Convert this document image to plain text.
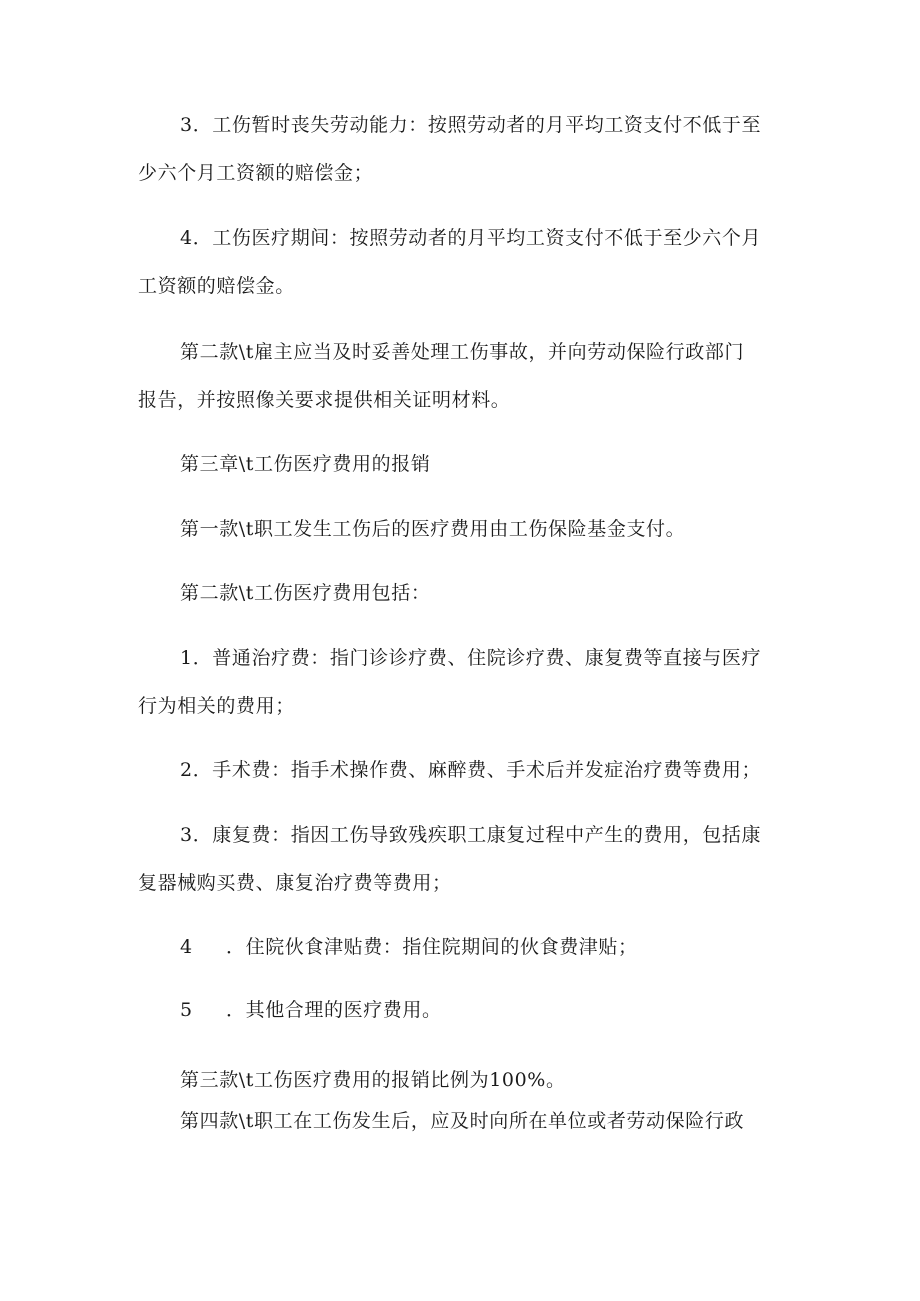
3．工伤暂时丧失劳动能力：按照劳动者的月平均工资支付不低于至

少六个月工资额的赔偿金；

4．工伤医疗期间：按照劳动者的月平均工资支付不低于至少六个月

工资额的赔偿金。

第二款\t雇主应当及时妥善处理工伤事故，并向劳动保险行政部门

报告，并按照像关要求提供相关证明材料。

第三章\t工伤医疗费用的报销

第一款\t职工发生工伤后的医疗费用由工伤保险基金支付。

第二款\t工伤医疗费用包括：

1．普通治疗费：指门诊诊疗费、住院诊疗费、康复费等直接与医疗

行为相关的费用；

2．手术费：指手术操作费、麻醉费、手术后并发症治疗费等费用；

3．康复费：指因工伤导致残疾职工康复过程中产生的费用，包括康

复器械购买费、康复治疗费等费用；

4 ．住院伙食津贴费：指住院期间的伙食费津贴；

5 ．其他合理的医疗费用。

第三款\t工伤医疗费用的报销比例为100%。

第四款\t职工在工伤发生后，应及时向所在单位或者劳动保险行政
